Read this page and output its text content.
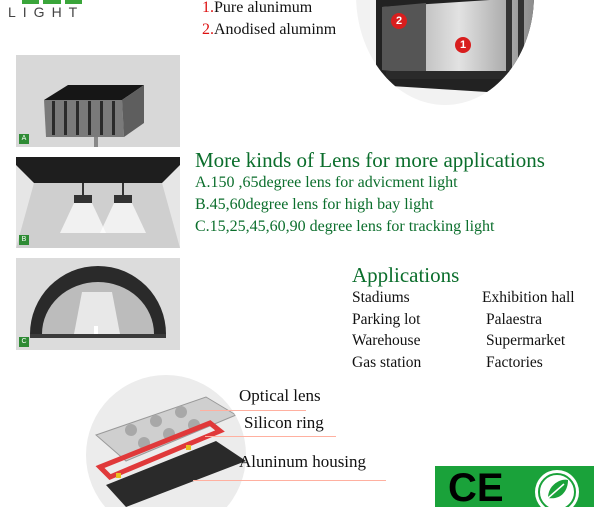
LIGHT	1.Pure alunimum
2.Anodised aluminm	2
1
A
B
C
More kinds of Lens for more applications
A.150 ,65degree lens for advicment light
B.45,60degree lens for high bay light
C.15,25,45,60,90 degree lens for tracking light
Applications
Stadiums
Parking lot
Warehouse
Gas station
Exhibition hall
Palaestra
Supermarket
Factories
Optical lens
Silicon ring
Aluninum housing
CE
